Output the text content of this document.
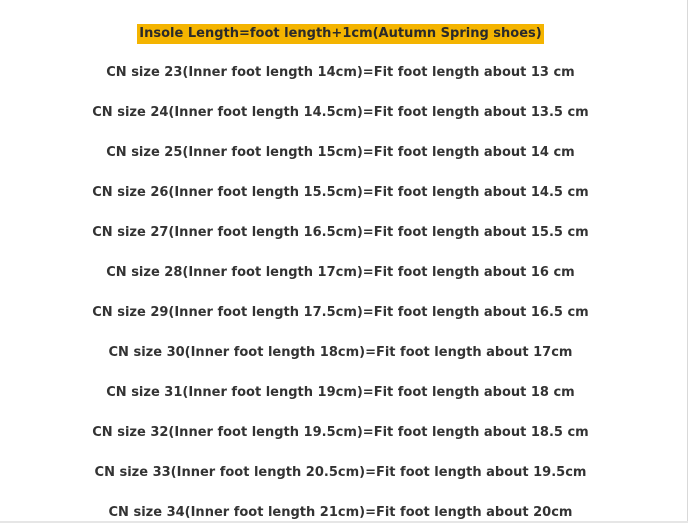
Insole Length=foot length+1cm(Autumn Spring shoes)
CN size 23(Inner foot length 14cm)=Fit foot length about 13 cm
CN size 24(Inner foot length 14.5cm)=Fit foot length about 13.5 cm
CN size 25(Inner foot length 15cm)=Fit foot length about 14 cm
CN size 26(Inner foot length 15.5cm)=Fit foot length about 14.5 cm
CN size 27(Inner foot length 16.5cm)=Fit foot length about 15.5 cm
CN size 28(Inner foot length 17cm)=Fit foot length about 16 cm
CN size 29(Inner foot length 17.5cm)=Fit foot length about 16.5 cm
CN size 30(Inner foot length 18cm)=Fit foot length about 17cm
CN size 31(Inner foot length 19cm)=Fit foot length about 18 cm
CN size 32(Inner foot length 19.5cm)=Fit foot length about 18.5 cm
CN size 33(Inner foot length 20.5cm)=Fit foot length about 19.5cm
CN size 34(Inner foot length 21cm)=Fit foot length about 20cm
